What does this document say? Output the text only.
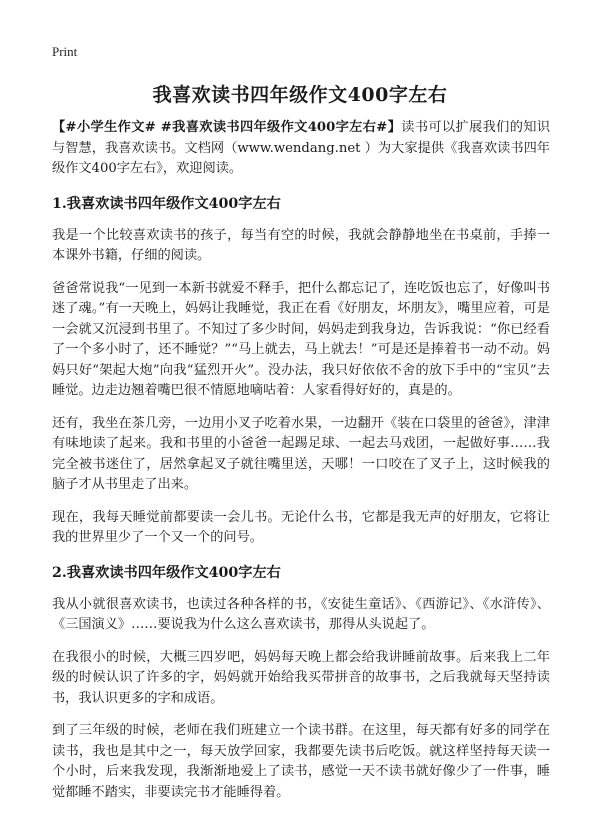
Print
我喜欢读书四年级作文400字左右

【#小学生作文# #我喜欢读书四年级作文400字左右#】读书可以扩展我们的知识与智慧，我喜欢读书。文档网（www.wendang.net ）为大家提供《我喜欢读书四年级作文400字左右》，欢迎阅读。

1.我喜欢读书四年级作文400字左右

我是一个比较喜欢读书的孩子，每当有空的时候，我就会静静地坐在书桌前，手捧一本课外书籍，仔细的阅读。

爸爸常说我“一见到一本新书就爱不释手，把什么都忘记了，连吃饭也忘了，好像叫书迷了魂。”有一天晚上，妈妈让我睡觉，我正在看《好朋友，坏朋友》，嘴里应着，可是一会就又沉浸到书里了。不知过了多少时间，妈妈走到我身边，告诉我说：“你已经看了一个多小时了，还不睡觉？”“马上就去，马上就去！”可是还是捧着书一动不动。妈妈只好“架起大炮”向我“猛烈开火”。没办法，我只好依依不舍的放下手中的“宝贝”去睡觉。边走边翘着嘴巴很不情愿地嘀咕着：人家看得好好的，真是的。

还有，我坐在茶几旁，一边用小叉子吃着水果，一边翻开《装在口袋里的爸爸》，津津有味地读了起来。我和书里的小爸爸一起踢足球、一起去马戏团，一起做好事……我完全被书迷住了，居然拿起叉子就往嘴里送，天哪！一口咬在了叉子上，这时候我的脑子才从书里走了出来。

现在，我每天睡觉前都要读一会儿书。无论什么书，它都是我无声的好朋友，它将让我的世界里少了一个又一个的问号。

2.我喜欢读书四年级作文400字左右

我从小就很喜欢读书，也读过各种各样的书，《安徒生童话》、《西游记》、《水浒传》、《三国演义》……要说我为什么这么喜欢读书，那得从头说起了。

在我很小的时候，大概三四岁吧，妈妈每天晚上都会给我讲睡前故事。后来我上二年级的时候认识了许多的字，妈妈就开始给我买带拼音的故事书，之后我就每天坚持读书，我认识更多的字和成语。

到了三年级的时候，老师在我们班建立一个读书群。在这里，每天都有好多的同学在读书，我也是其中之一，每天放学回家，我都要先读书后吃饭。就这样坚持每天读一个小时，后来我发现，我渐渐地爱上了读书，感觉一天不读书就好像少了一件事，睡觉都睡不踏实，非要读完书才能睡得着。
